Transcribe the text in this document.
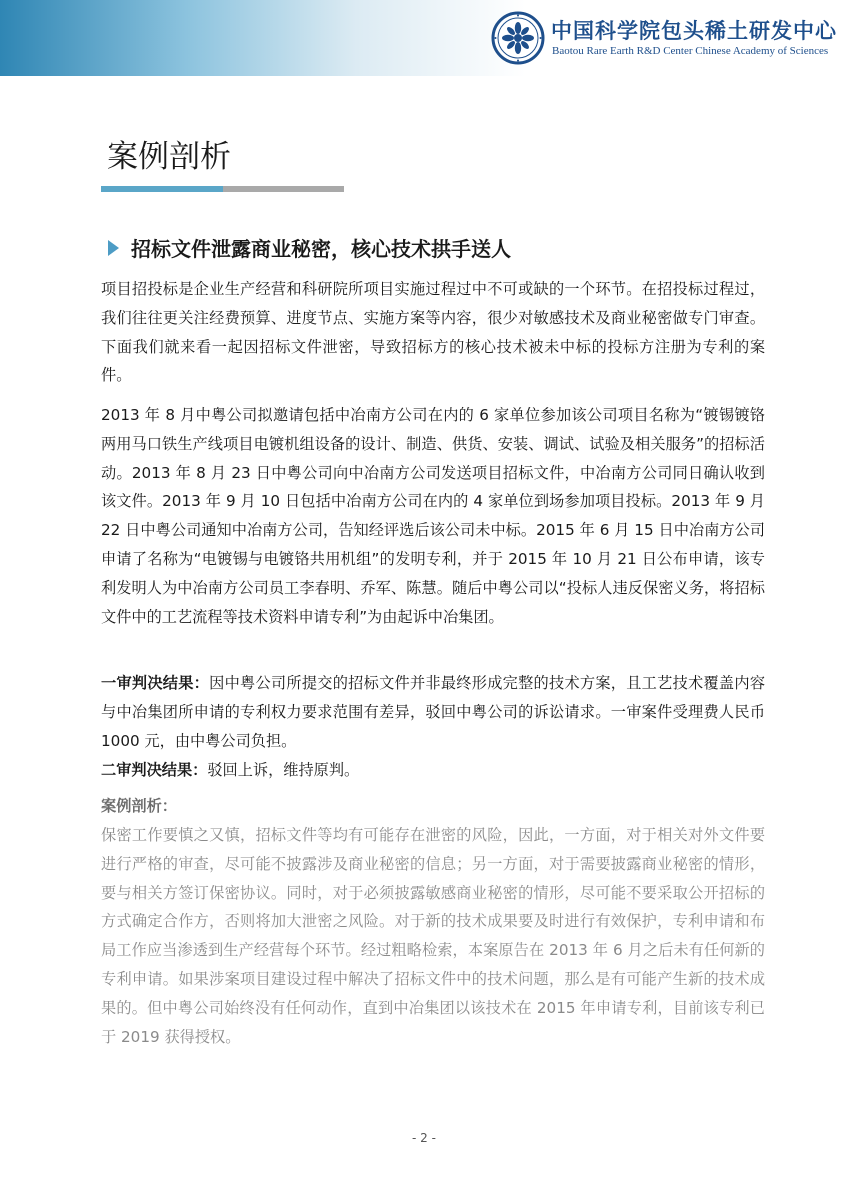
中国科学院包头稀土研发中心
Baotou Rare Earth R&D Center Chinese Academy of Sciences
案例剖析
招标文件泄露商业秘密，核心技术拱手送人

项目招投标是企业生产经营和科研院所项目实施过程过中不可或缺的一个环节。在招投标过程过，我们往往更关注经费预算、进度节点、实施方案等内容，很少对敏感技术及商业秘密做专门审查。下面我们就来看一起因招标文件泄密，导致招标方的核心技术被未中标的投标方注册为专利的案件。

2013 年 8 月中粤公司拟邀请包括中冶南方公司在内的 6 家单位参加该公司项目名称为“镀锡镀铬两用马口铁生产线项目电镀机组设备的设计、制造、供货、安装、调试、试验及相关服务”的招标活动。2013 年 8 月 23 日中粤公司向中冶南方公司发送项目招标文件，中冶南方公司同日确认收到该文件。2013 年 9 月 10 日包括中冶南方公司在内的 4 家单位到场参加项目投标。2013 年 9 月 22 日中粤公司通知中冶南方公司，告知经评选后该公司未中标。2015 年 6 月 15 日中冶南方公司申请了名称为“电镀锡与电镀铬共用机组”的发明专利，并于 2015 年 10 月 21 日公布申请，该专利发明人为中冶南方公司员工李春明、乔军、陈慧。随后中粤公司以“投标人违反保密义务，将招标文件中的工艺流程等技术资料申请专利”为由起诉中冶集团。

一审判决结果：因中粤公司所提交的招标文件并非最终形成完整的技术方案，且工艺技术覆盖内容与中冶集团所申请的专利权力要求范围有差异，驳回中粤公司的诉讼请求。一审案件受理费人民币 1000 元，由中粤公司负担。

二审判决结果：驳回上诉，维持原判。

案例剖析：

保密工作要慎之又慎，招标文件等均有可能存在泄密的风险，因此，一方面，对于相关对外文件要进行严格的审查，尽可能不披露涉及商业秘密的信息；另一方面，对于需要披露商业秘密的情形，要与相关方签订保密协议。同时，对于必须披露敏感商业秘密的情形，尽可能不要采取公开招标的方式确定合作方，否则将加大泄密之风险。对于新的技术成果要及时进行有效保护，专利申请和布局工作应当渗透到生产经营每个环节。经过粗略检索，本案原告在 2013 年 6 月之后未有任何新的专利申请。如果涉案项目建设过程中解决了招标文件中的技术问题，那么是有可能产生新的技术成果的。但中粤公司始终没有任何动作，直到中冶集团以该技术在 2015 年申请专利，目前该专利已于 2019 获得授权。

- 2 -
